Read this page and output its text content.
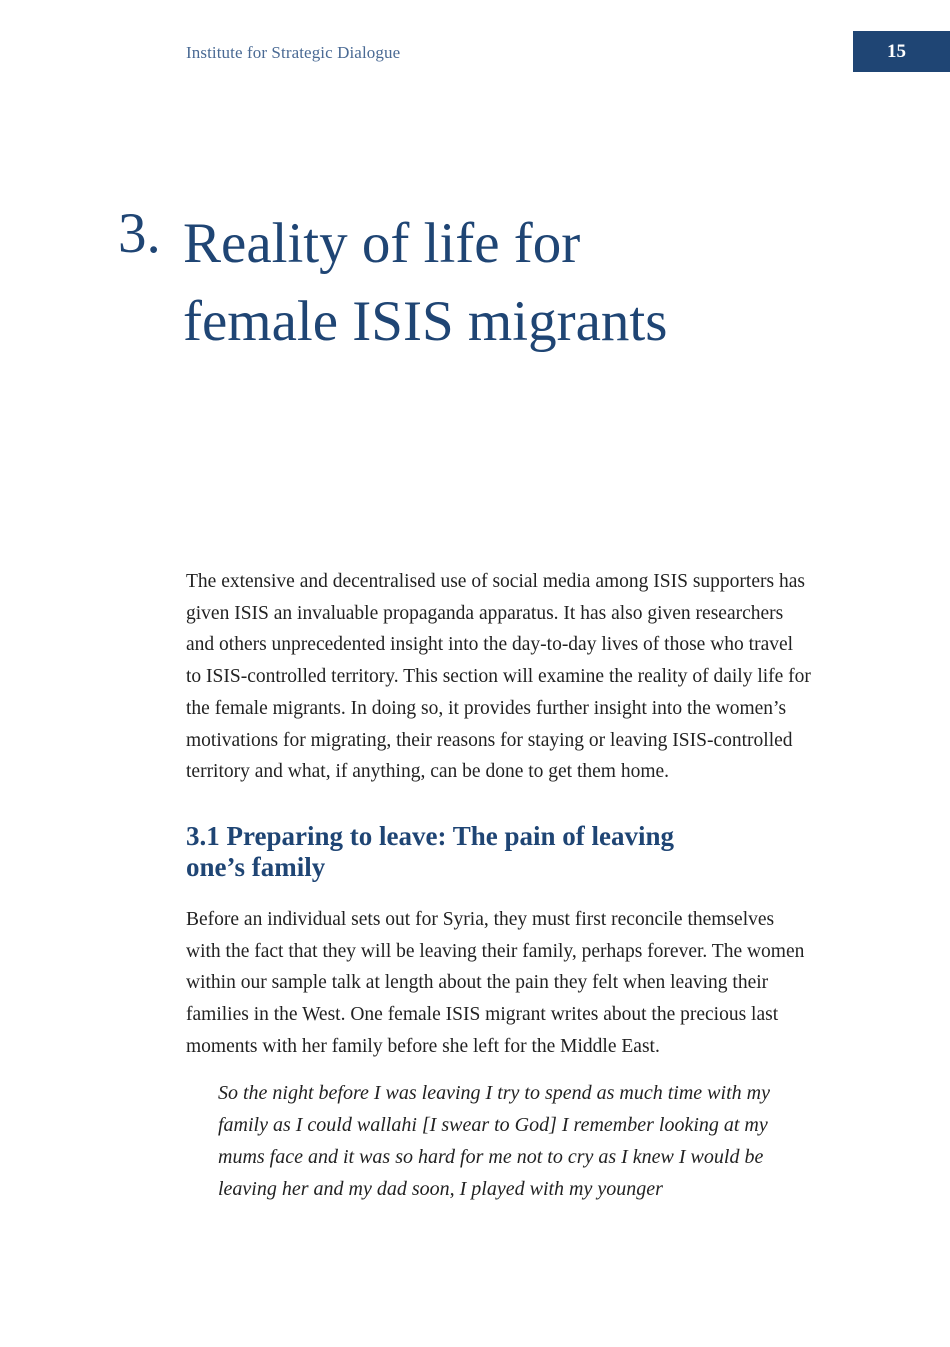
Institute for Strategic Dialogue	15
3. Reality of life for
female ISIS migrants

The extensive and decentralised use of social media among ISIS supporters has given ISIS an invaluable propaganda apparatus. It has also given researchers and others unprecedented insight into the day-to-day lives of those who travel to ISIS-controlled territory. This section will examine the reality of daily life for the female migrants. In doing so, it provides further insight into the women’s motivations for migrating, their reasons for staying or leaving ISIS-controlled territory and what, if anything, can be done to get them home.

3.1 Preparing to leave: The pain of leaving
one’s family

Before an individual sets out for Syria, they must first reconcile themselves with the fact that they will be leaving their family, perhaps forever. The women within our sample talk at length about the pain they felt when leaving their families in the West. One female ISIS migrant writes about the precious last moments with her family before she left for the Middle East.

So the night before I was leaving I try to spend as much time with my family as I could wallahi [I swear to God] I remember looking at my mums face and it was so hard for me not to cry as I knew I would be leaving her and my dad soon, I played with my younger
